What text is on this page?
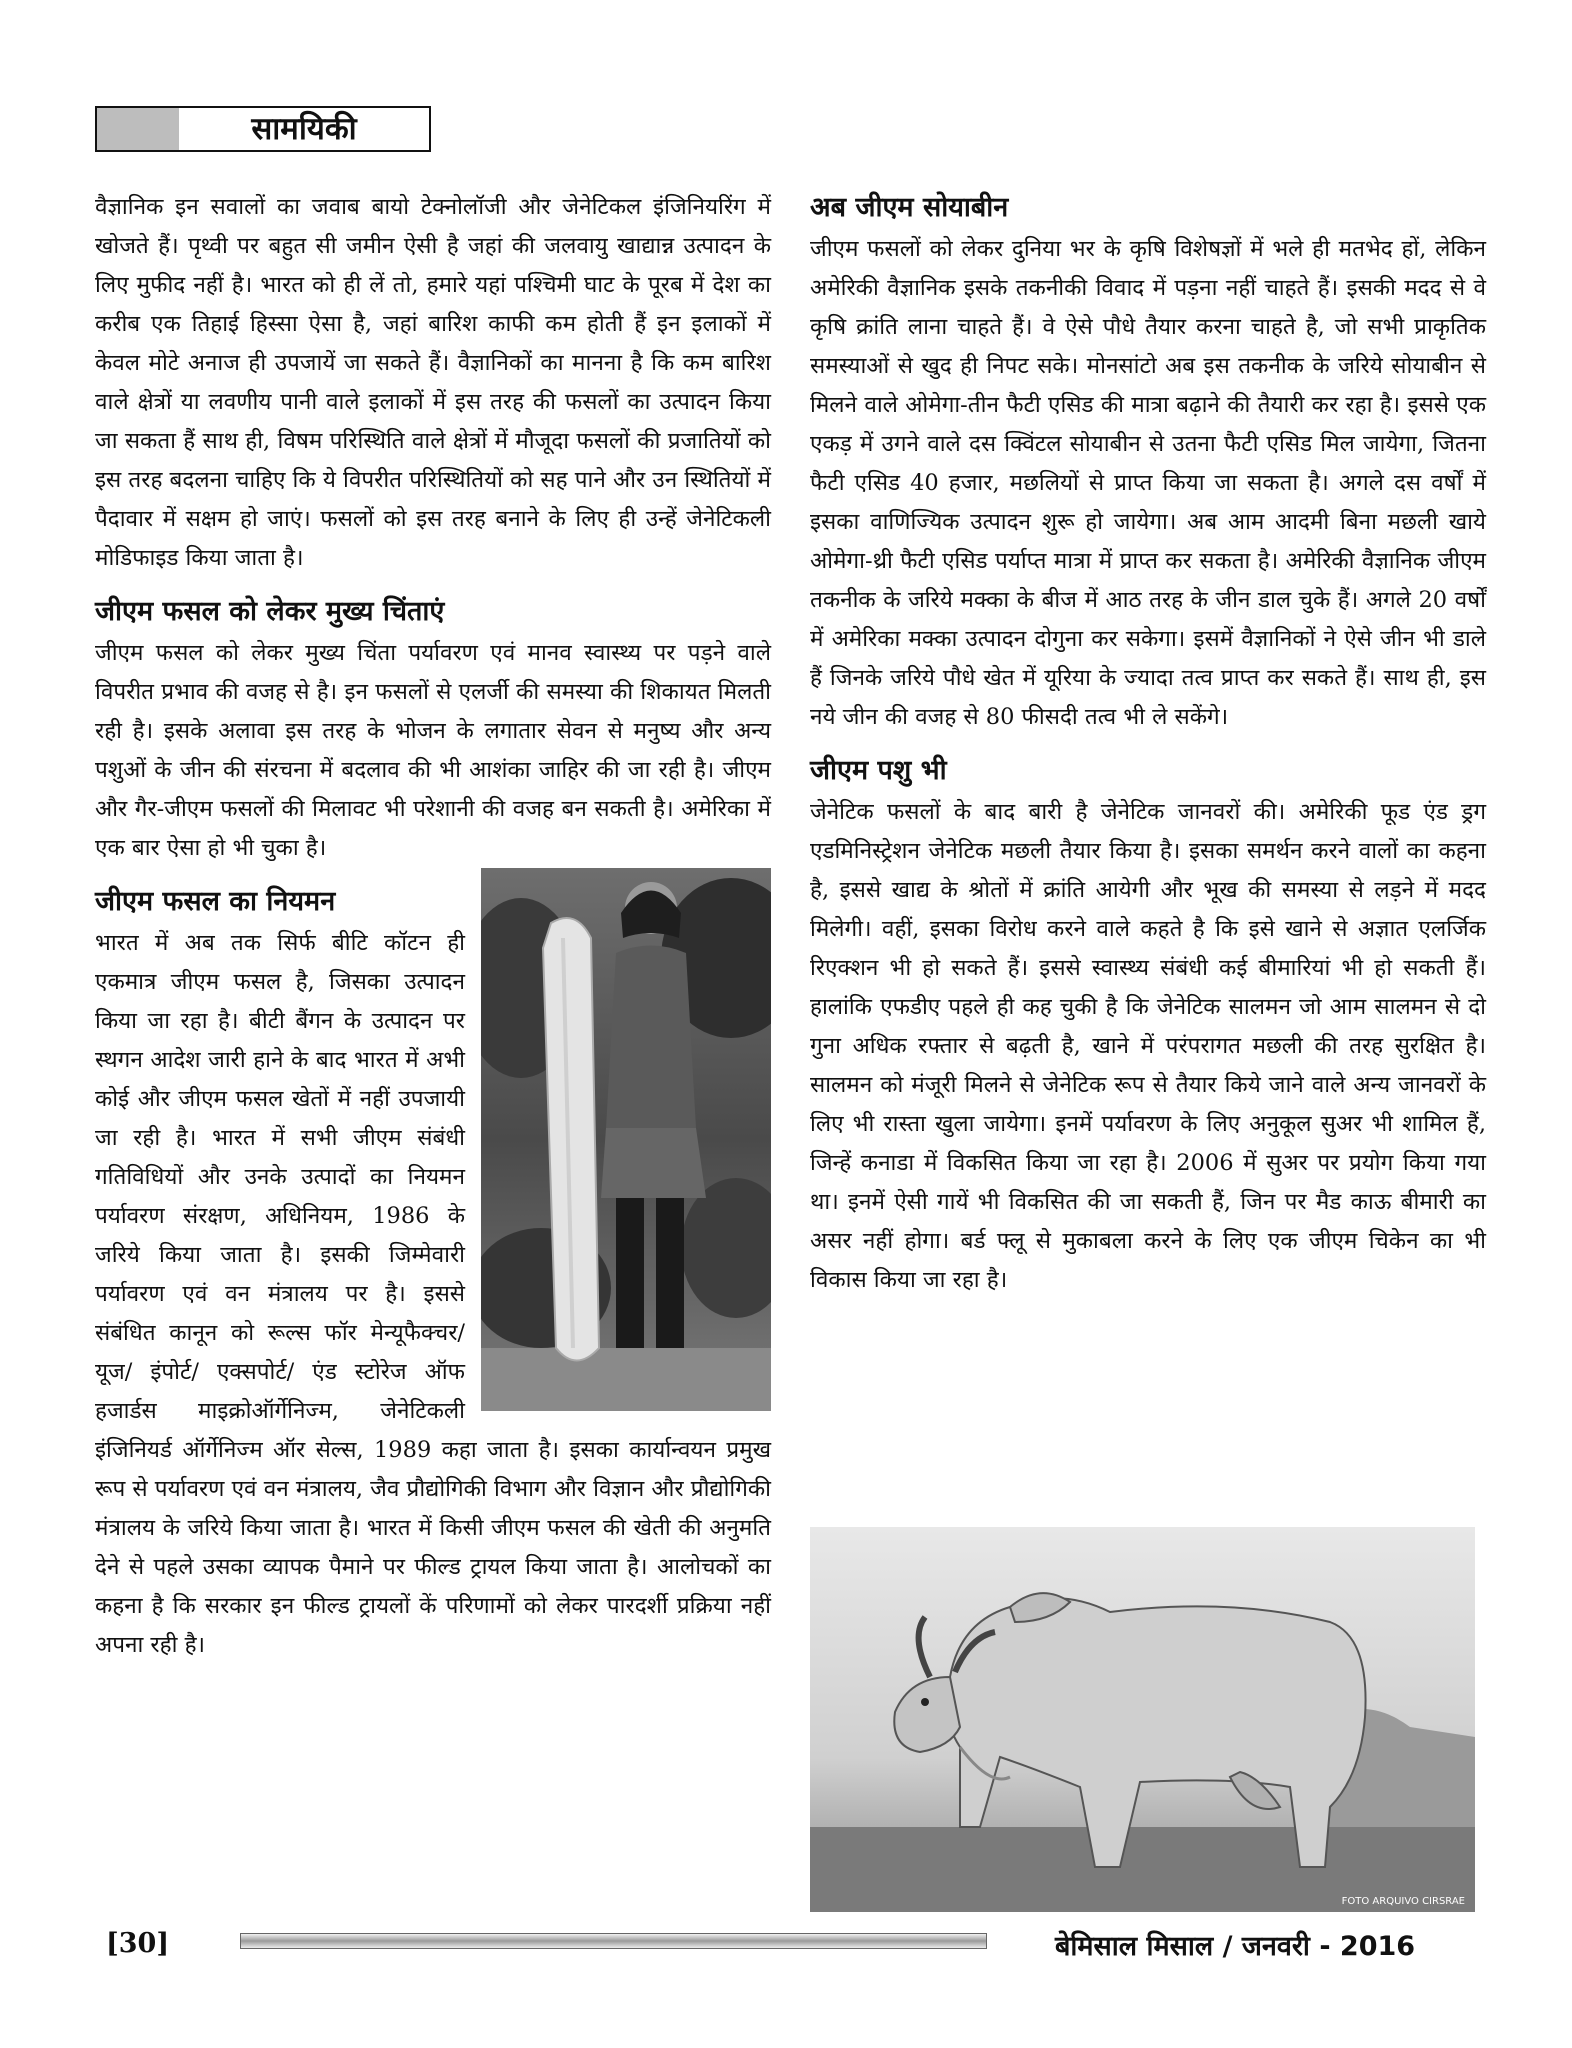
सामयिकी

वैज्ञानिक इन सवालों का जवाब बायो टेक्नोलॉजी और जेनेटिकल इंजिनियरिंग में खोजते हैं। पृथ्वी पर बहुत सी जमीन ऐसी है जहां की जलवायु खाद्यान्न उत्पादन के लिए मुफीद नहीं है। भारत को ही लें तो, हमारे यहां पश्चिमी घाट के पूरब में देश का करीब एक तिहाई हिस्सा ऐसा है, जहां बारिश काफी कम होती हैं इन इलाकों में केवल मोटे अनाज ही उपजायें जा सकते हैं। वैज्ञानिकों का मानना है कि कम बारिश वाले क्षेत्रों या लवणीय पानी वाले इलाकों में इस तरह की फसलों का उत्पादन किया जा सकता हैं साथ ही, विषम परिस्थिति वाले क्षेत्रों में मौजूदा फसलों की प्रजातियों को इस तरह बदलना चाहिए कि ये विपरीत परिस्थितियों को सह पाने और उन स्थितियों में पैदावार में सक्षम हो जाएं। फसलों को इस तरह बनाने के लिए ही उन्हें जेनेटिकली मोडिफाइड किया जाता है।

जीएम फसल को लेकर मुख्य चिंताएं

जीएम फसल को लेकर मुख्य चिंता पर्यावरण एवं मानव स्वास्थ्य पर पड़ने वाले विपरीत प्रभाव की वजह से है। इन फसलों से एलर्जी की समस्या की शिकायत मिलती रही है। इसके अलावा इस तरह के भोजन के लगातार सेवन से मनुष्य और अन्य पशुओं के जीन की संरचना में बदलाव की भी आशंका जाहिर की जा रही है। जीएम और गैर-जीएम फसलों की मिलावट भी परेशानी की वजह बन सकती है। अमेरिका में एक बार ऐसा हो भी चुका है।

जीएम फसल का नियमन

भारत में अब तक सिर्फ बीटि कॉटन ही एकमात्र जीएम फसल है, जिसका उत्पादन किया जा रहा है। बीटी बैंगन के उत्पादन पर स्थगन आदेश जारी हाने के बाद भारत में अभी कोई और जीएम फसल खेतों में नहीं उपजायी जा रही है। भारत में सभी जीएम संबंधी गतिविधियों और उनके उत्पादों का नियमन पर्यावरण संरक्षण, अधिनियम, 1986 के जरिये किया जाता है। इसकी जिम्मेवारी पर्यावरण एवं वन मंत्रालय पर है। इससे संबंधित कानून को रूल्स फॉर मेन्यूफैक्चर/ यूज/ इंपोर्ट/ एक्सपोर्ट/ एंड स्टोरेज ऑफ हजार्डस माइक्रोऑर्गेनिज्म, जेनेटिकली इंजिनियर्ड ऑर्गेनिज्म ऑर सेल्स, 1989 कहा जाता है। इसका कार्यान्वयन प्रमुख रूप से पर्यावरण एवं वन मंत्रालय, जैव प्रौद्योगिकी विभाग और विज्ञान और प्रौद्योगिकी मंत्रालय के जरिये किया जाता है। भारत में किसी जीएम फसल की खेती की अनुमति देने से पहले उसका व्यापक पैमाने पर फील्ड ट्रायल किया जाता है। आलोचकों का कहना है कि सरकार इन फील्ड ट्रायलों कें परिणामों को लेकर पारदर्शी प्रक्रिया नहीं अपना रही है।

अब जीएम सोयाबीन

जीएम फसलों को लेकर दुनिया भर के कृषि विशेषज्ञों में भले ही मतभेद हों, लेकिन अमेरिकी वैज्ञानिक इसके तकनीकी विवाद में पड़ना नहीं चाहते हैं। इसकी मदद से वे कृषि क्रांति लाना चाहते हैं। वे ऐसे पौधे तैयार करना चाहते है, जो सभी प्राकृतिक समस्याओं से खुद ही निपट सके। मोनसांटो अब इस तकनीक के जरिये सोयाबीन से मिलने वाले ओमेगा-तीन फैटी एसिड की मात्रा बढ़ाने की तैयारी कर रहा है। इससे एक एकड़ में उगने वाले दस क्विंटल सोयाबीन से उतना फैटी एसिड मिल जायेगा, जितना फैटी एसिड 40 हजार, मछलियों से प्राप्त किया जा सकता है। अगले दस वर्षों में इसका वाणिज्यिक उत्पादन शुरू हो जायेगा। अब आम आदमी बिना मछली खाये ओमेगा-थ्री फैटी एसिड पर्याप्त मात्रा में प्राप्त कर सकता है। अमेरिकी वैज्ञानिक जीएम तकनीक के जरिये मक्का के बीज में आठ तरह के जीन डाल चुके हैं। अगले 20 वर्षों में अमेरिका मक्का उत्पादन दोगुना कर सकेगा। इसमें वैज्ञानिकों ने ऐसे जीन भी डाले हैं जिनके जरिये पौधे खेत में यूरिया के ज्यादा तत्व प्राप्त कर सकते हैं। साथ ही, इस नये जीन की वजह से 80 फीसदी तत्व भी ले सकेंगे।

जीएम पशु भी

जेनेटिक फसलों के बाद बारी है जेनेटिक जानवरों की। अमेरिकी फूड एंड ड्रग एडमिनिस्ट्रेशन जेनेटिक मछली तैयार किया है। इसका समर्थन करने वालों का कहना है, इससे खाद्य के श्रोतों में क्रांति आयेगी और भूख की समस्या से लड़ने में मदद मिलेगी। वहीं, इसका विरोध करने वाले कहते है कि इसे खाने से अज्ञात एलर्जिक रिएक्शन भी हो सकते हैं। इससे स्वास्थ्य संबंधी कई बीमारियां भी हो सकती हैं। हालांकि एफडीए पहले ही कह चुकी है कि जेनेटिक सालमन जो आम सालमन से दो गुना अधिक रफ्तार से बढ़ती है, खाने में परंपरागत मछली की तरह सुरक्षित है। सालमन को मंजूरी मिलने से जेनेटिक रूप से तैयार किये जाने वाले अन्य जानवरों के लिए भी रास्ता खुला जायेगा। इनमें पर्यावरण के लिए अनुकूल सुअर भी शामिल हैं, जिन्हें कनाडा में विकसित किया जा रहा है। 2006 में सुअर पर प्रयोग किया गया था। इनमें ऐसी गायें भी विकसित की जा सकती हैं, जिन पर मैड काऊ बीमारी का असर नहीं होगा। बर्ड फ्लू से मुकाबला करने के लिए एक जीएम चिकेन का भी विकास किया जा रहा है।

FOTO ARQUIVO CIRSRAE
[30]	बेमिसाल मिसाल / जनवरी - 2016
